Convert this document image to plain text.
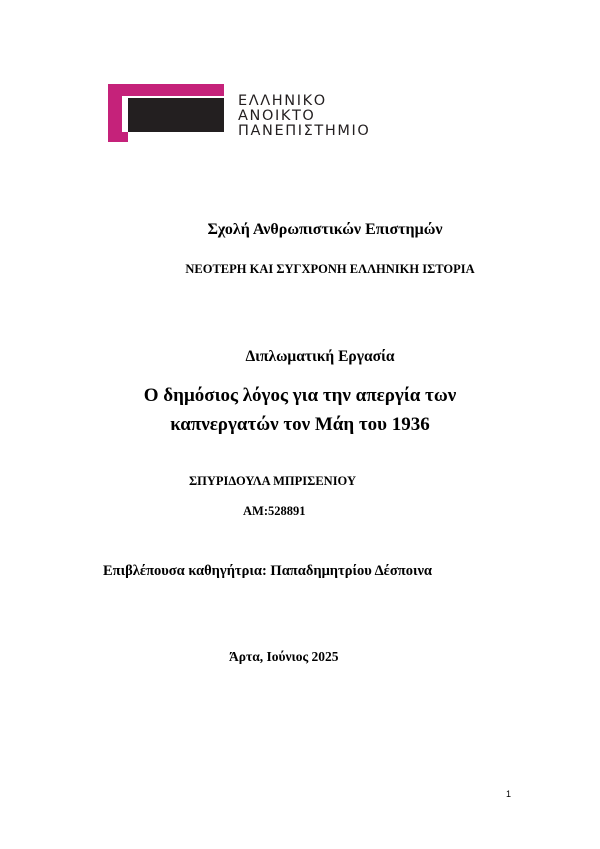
ΕΛΛΗΝΙΚΟ
ΑΝΟΙΚΤΟ
ΠΑΝΕΠΙΣΤΗΜΙΟ
Σχολή Ανθρωπιστικών Επιστημών
ΝΕΟΤΕΡΗ ΚΑΙ ΣΥΓΧΡΟΝΗ ΕΛΛΗΝΙΚΗ ΙΣΤΟΡΙΑ
Διπλωματική Εργασία
Ο δημόσιος λόγος για την απεργία των
καπνεργατών τον Μάη του 1936
ΣΠΥΡΙΔΟΥΛΑ ΜΠΡΙΣΕΝΙΟΥ
ΑΜ:528891
Επιβλέπουσα καθηγήτρια: Παπαδημητρίου Δέσποινα
Άρτα, Ιούνιος 2025
1
